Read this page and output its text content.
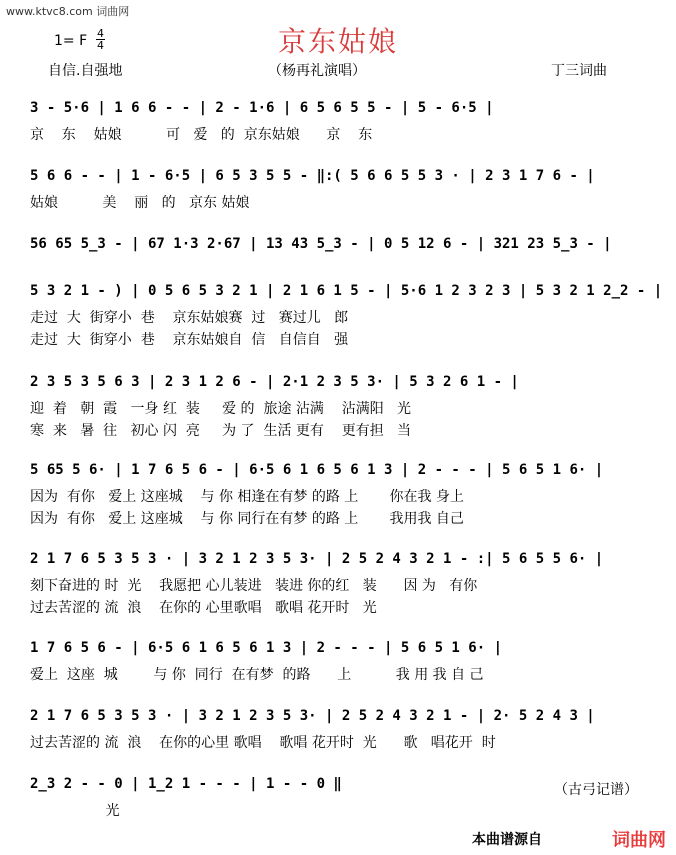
www.ktvc8.com 词曲网
京东姑娘
1= F 4
4
自信.自强地	（杨再礼演唱）	丁三词曲
3 - 5·6 | 1 6 6 - - | 2 - 1·6 | 6 5 6 5 5 - | 5 - 6·5 |
京    东    姑娘          可   爱   的  京东姑娘      京    东
5 6 6 - - | 1 - 6·5 | 6 5 3 5 5 - ‖:( 5 6 6 5 5 3 · | 2 3 1 7 6 - |
姑娘          美    丽   的   京东 姑娘
56 65 5̲3 - | 67 1·3 2·67 | 13 43 5̲3 - | 0 5 12 6 - | 321 23 5̲3 - |
5 3 2 1 - ) | 0 5 6 5 3 2 1 | 2 1 6 1 5 - | 5·6 1 2 3 2 3 | 5 3 2 1 2̲2 - |
走过  大  街穿小  巷    京东姑娘赛  过   赛过儿   郎
走过  大  街穿小  巷    京东姑娘自  信   自信自   强
2 3 5 3 5 6 3 | 2 3 1 2 6 - | 2·1 2 3 5 3· | 5 3 2 6 1 - |
迎  着   朝  霞   一身 红  装     爱 的  旅途 沾满    沾满阳   光
寒  来   暑  往   初心 闪  亮     为 了  生活 更有    更有担   当
5 65 5 6· | 1 7 6 5 6 - | 6·5 6 1 6 5 6 1 3 | 2 - - - | 5 6 5 1 6· |
因为  有你   爱上 这座城    与 你 相逢在有梦 的路 上       你在我 身上
因为  有你   爱上 这座城    与 你 同行在有梦 的路 上       我用我 自己
2 1 7 6 5 3 5 3 · | 3 2 1 2 3 5 3· | 2 5 2 4 3 2 1 - :| 5 6 5 5 6· |
刻下奋进的 时  光    我愿把 心儿装进   装进 你的红   装      因 为   有你
过去苦涩的 流  浪    在你的 心里歌唱   歌唱 花开时   光
1 7 6 5 6 - | 6·5 6 1 6 5 6 1 3 | 2 - - - | 5 6 5 1 6· |
爱上  这座  城        与 你  同行  在有梦  的路      上          我 用 我 自 己
2 1 7 6 5 3 5 3 · | 3 2 1 2 3 5 3· | 2 5 2 4 3 2 1 - | 2· 5 2 4 3 |
过去苦涩的 流  浪    在你的心里 歌唱    歌唱 花开时  光      歌   唱花开  时
2̲3 2 - - 0 | 1̲2 1 - - - | 1 - - 0 ‖
光
（古弓记谱）
本曲谱源自	词曲网
